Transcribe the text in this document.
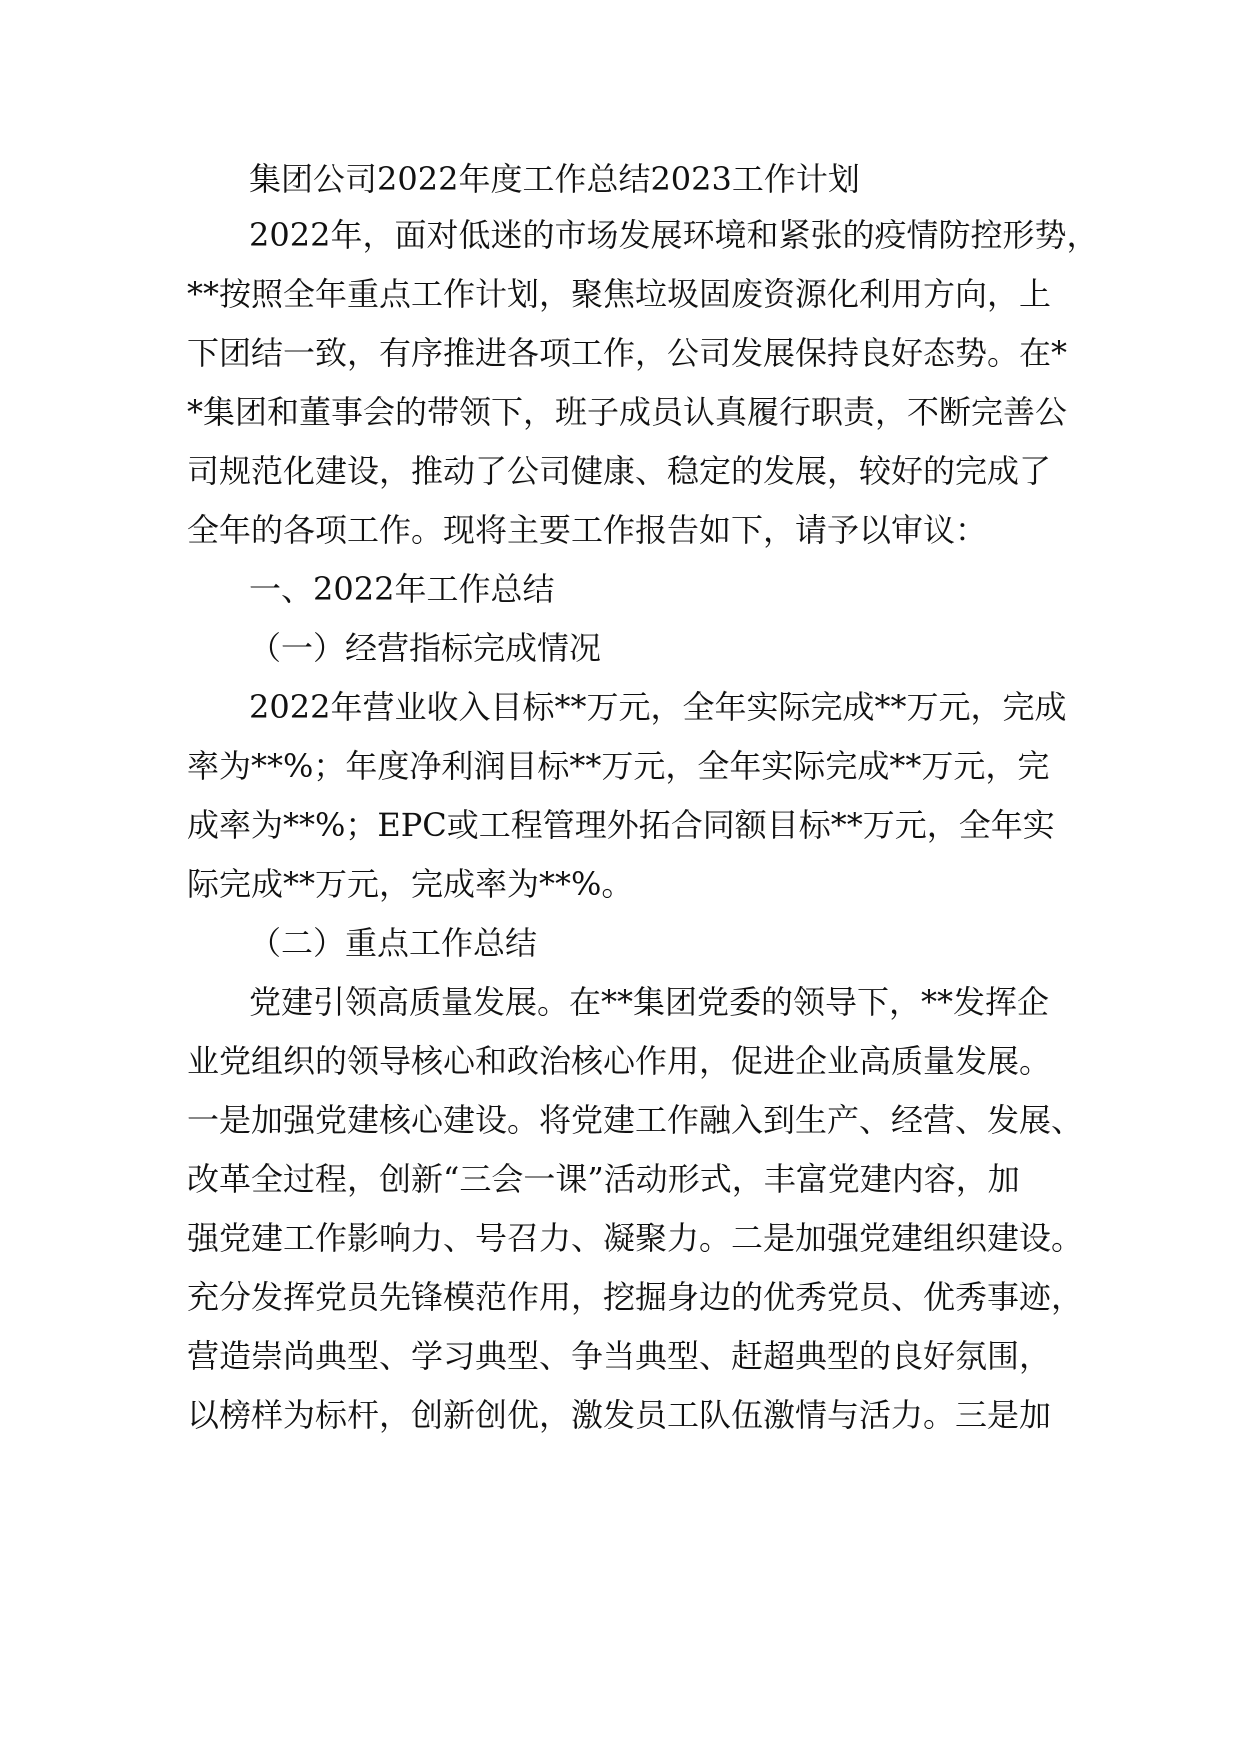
集团公司2022年度工作总结2023工作计划
2022年，面对低迷的市场发展环境和紧张的疫情防控形势，
**按照全年重点工作计划，聚焦垃圾固废资源化利用方向，上
下团结一致，有序推进各项工作，公司发展保持良好态势。在*
*集团和董事会的带领下，班子成员认真履行职责，不断完善公
司规范化建设，推动了公司健康、稳定的发展，较好的完成了
全年的各项工作。现将主要工作报告如下，请予以审议：
一、2022年工作总结
（一）经营指标完成情况
2022年营业收入目标**万元，全年实际完成**万元，完成
率为**%；年度净利润目标**万元，全年实际完成**万元，完
成率为**%；EPC或工程管理外拓合同额目标**万元，全年实
际完成**万元，完成率为**%。
（二）重点工作总结
党建引领高质量发展。在**集团党委的领导下，**发挥企
业党组织的领导核心和政治核心作用，促进企业高质量发展。
一是加强党建核心建设。将党建工作融入到生产、经营、发展、
改革全过程，创新“三会一课”活动形式，丰富党建内容，加
强党建工作影响力、号召力、凝聚力。二是加强党建组织建设。
充分发挥党员先锋模范作用，挖掘身边的优秀党员、优秀事迹，
营造崇尚典型、学习典型、争当典型、赶超典型的良好氛围，
以榜样为标杆，创新创优，激发员工队伍激情与活力。三是加
